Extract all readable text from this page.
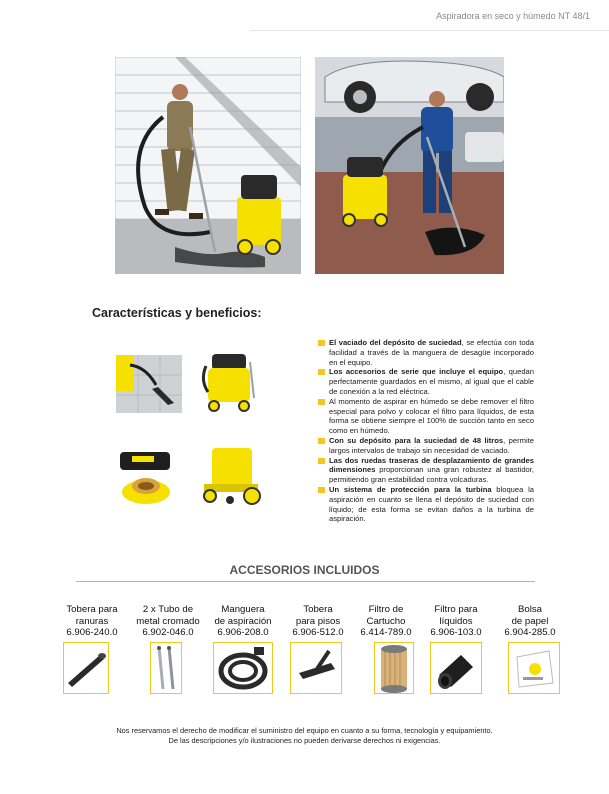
Aspiradora en seco y húmedo NT 48/1
Características y beneficios:
El vaciado del depósito de suciedad, se efectúa con toda facilidad a través de la manguera de desagüe incorporado en el equipo.
Los accesorios de serie que incluye el equipo, quedan perfectamente guardados en el mismo, al igual que el cable de conexión a la red eléctrica.
Al momento de aspirar en húmedo se debe remover el filtro especial para polvo y colocar el filtro para líquidos, de esta forma se obtiene siempre el 100% de succión tanto en seco como en húmedo.
Con su depósito para la suciedad de 48 litros, permite largos intervalos de trabajo sin necesidad de vaciado.
Las dos ruedas traseras de desplazamiento de grandes dimensiones proporcionan una gran robustez al bastidor, permitiendo gran estabilidad contra volcaduras.
Un sistema de protección para la turbina bloquea la aspiración en cuanto se llena el depósito de suciedad con líquido; de esta forma se evitan daños a la turbina de aspiración.
ACCESORIOS INCLUIDOS
Tobera para
ranuras
6.906-240.0
2 x Tubo de
metal cromado
6.902-046.0
Manguera
de aspiración
6.906-208.0
Tobera
para pisos
6.906-512.0
Filtro de
Cartucho
6.414-789.0
Filtro para
líquidos
6.906-103.0
Bolsa
de papel
6.904-285.0
Nos reservamos el derecho de modificar el suministro del equipo en cuanto a su forma, tecnología y equipamiento.
De las descripciones y/o ilustraciones no pueden derivarse derechos ni exigencias.
